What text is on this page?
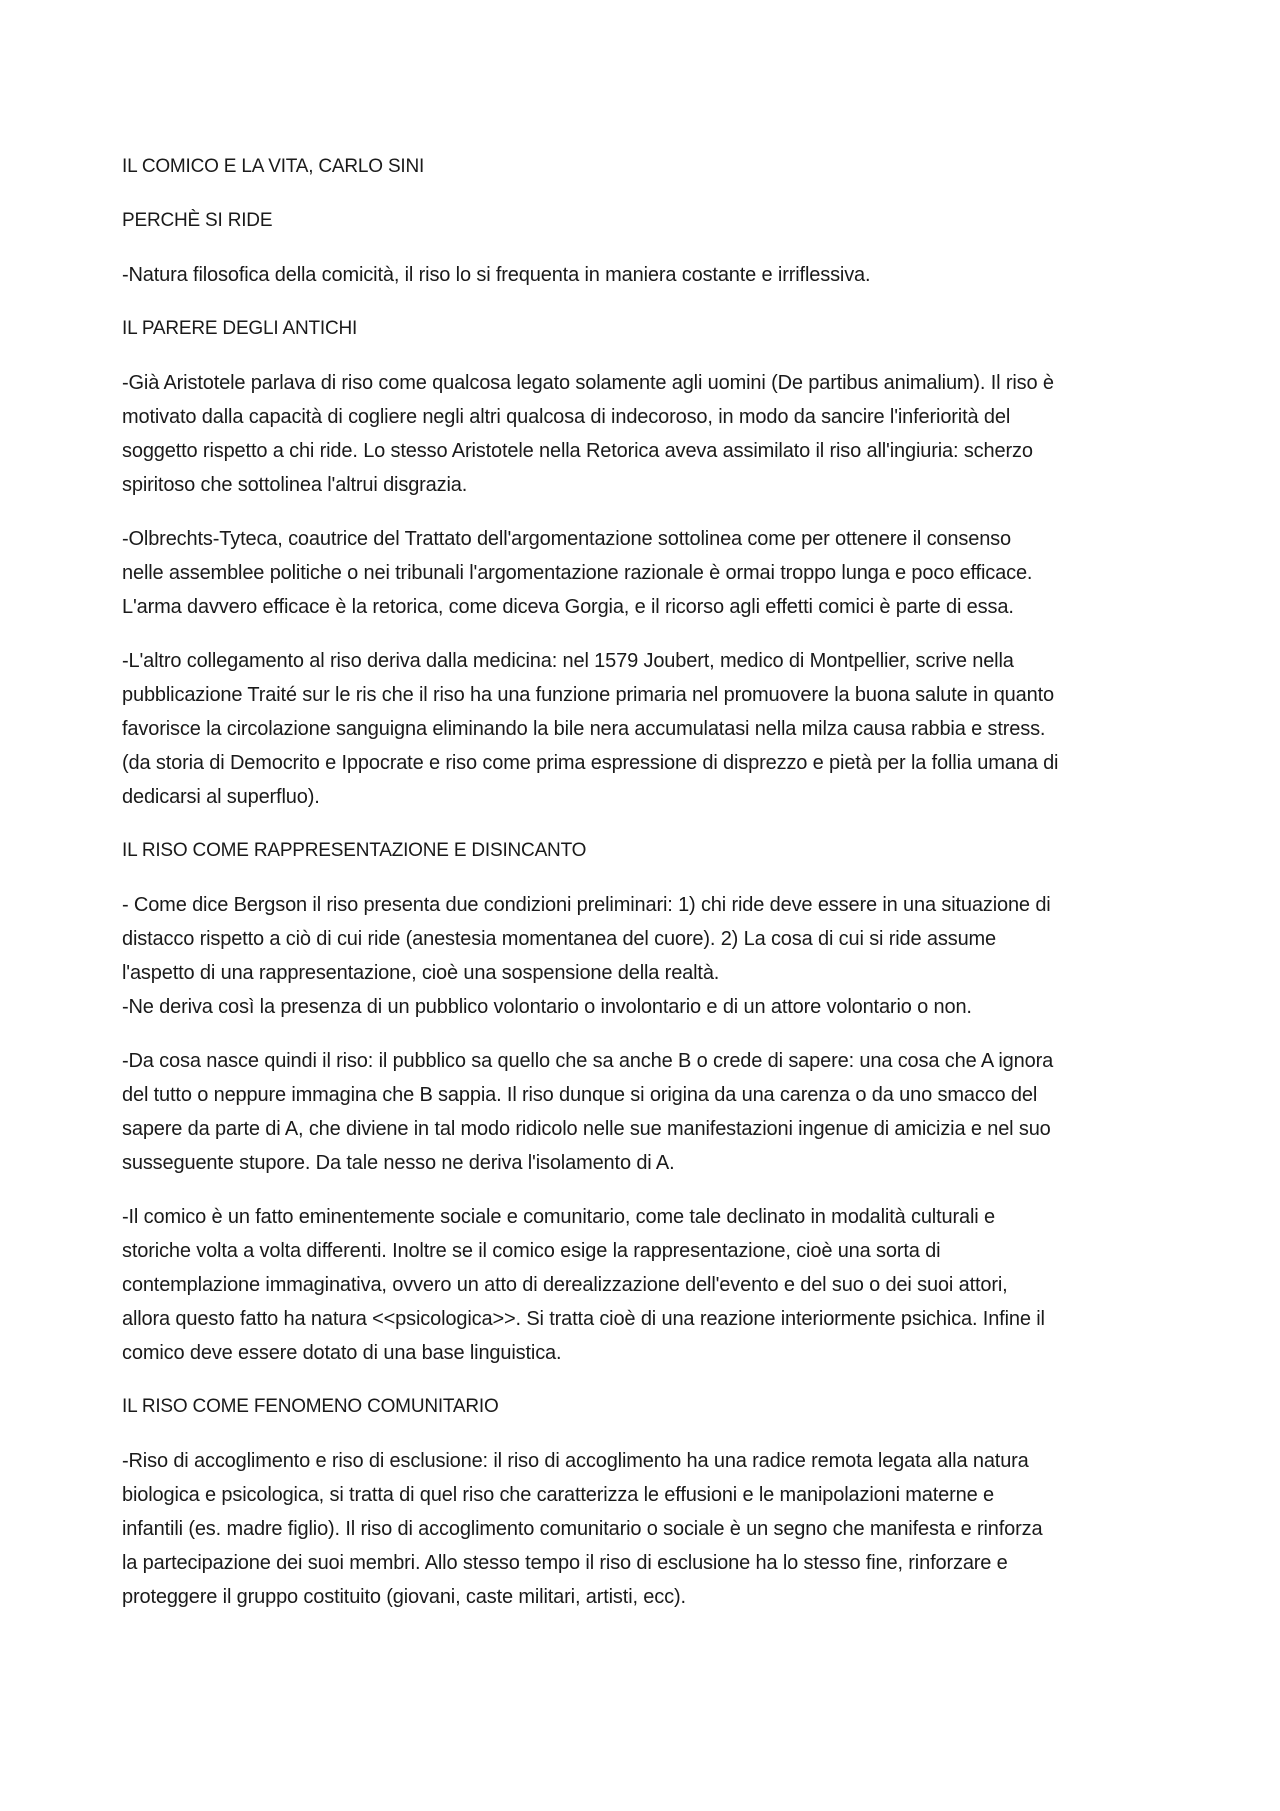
IL COMICO E LA VITA, CARLO SINI

PERCHÈ SI RIDE

-Natura filosofica della comicità, il riso lo si frequenta in maniera costante e irriflessiva.

IL PARERE DEGLI ANTICHI

-Già Aristotele parlava di riso come qualcosa legato solamente agli uomini (De partibus animalium). Il riso è
motivato dalla capacità di cogliere negli altri qualcosa di indecoroso, in modo da sancire l'inferiorità del
soggetto rispetto a chi ride. Lo stesso Aristotele nella Retorica aveva assimilato il riso all'ingiuria: scherzo
spiritoso che sottolinea l'altrui disgrazia.

-Olbrechts-Tyteca, coautrice del Trattato dell'argomentazione sottolinea come per ottenere il consenso
nelle assemblee politiche o nei tribunali l'argomentazione razionale è ormai troppo lunga e poco efficace.
L'arma davvero efficace è la retorica, come diceva Gorgia, e il ricorso agli effetti comici è parte di essa.

-L'altro collegamento al riso deriva dalla medicina: nel 1579 Joubert, medico di Montpellier, scrive nella
pubblicazione Traité sur le ris che il riso ha una funzione primaria nel promuovere la buona salute in quanto
favorisce la circolazione sanguigna eliminando la bile nera accumulatasi nella milza causa rabbia e stress.
(da storia di Democrito e Ippocrate e riso come prima espressione di disprezzo e pietà per la follia umana di
dedicarsi al superfluo).

IL RISO COME RAPPRESENTAZIONE E DISINCANTO

- Come dice Bergson il riso presenta due condizioni preliminari: 1) chi ride deve essere in una situazione di
distacco rispetto a ciò di cui ride (anestesia momentanea del cuore). 2) La cosa di cui si ride assume
l'aspetto di una rappresentazione, cioè una sospensione della realtà.
-Ne deriva così la presenza di un pubblico volontario o involontario e di un attore volontario o non.

-Da cosa nasce quindi il riso: il pubblico sa quello che sa anche B o crede di sapere: una cosa che A ignora
del tutto o neppure immagina che B sappia. Il riso dunque si origina da una carenza o da uno smacco del
sapere da parte di A, che diviene in tal modo ridicolo nelle sue manifestazioni ingenue di amicizia e nel suo
susseguente stupore. Da tale nesso ne deriva l'isolamento di A.

-Il comico è un fatto eminentemente sociale e comunitario, come tale declinato in modalità culturali e
storiche volta a volta differenti. Inoltre se il comico esige la rappresentazione, cioè una sorta di
contemplazione immaginativa, ovvero un atto di derealizzazione dell'evento e del suo o dei suoi attori,
allora questo fatto ha natura <<psicologica>>. Si tratta cioè di una reazione interiormente psichica. Infine il
comico deve essere dotato di una base linguistica.

IL RISO COME FENOMENO COMUNITARIO

-Riso di accoglimento e riso di esclusione: il riso di accoglimento ha una radice remota legata alla natura
biologica e psicologica, si tratta di quel riso che caratterizza le effusioni e le manipolazioni materne e
infantili (es. madre figlio). Il riso di accoglimento comunitario o sociale è un segno che manifesta e rinforza
la partecipazione dei suoi membri. Allo stesso tempo il riso di esclusione ha lo stesso fine, rinforzare e
proteggere il gruppo costituito (giovani, caste militari, artisti, ecc).
